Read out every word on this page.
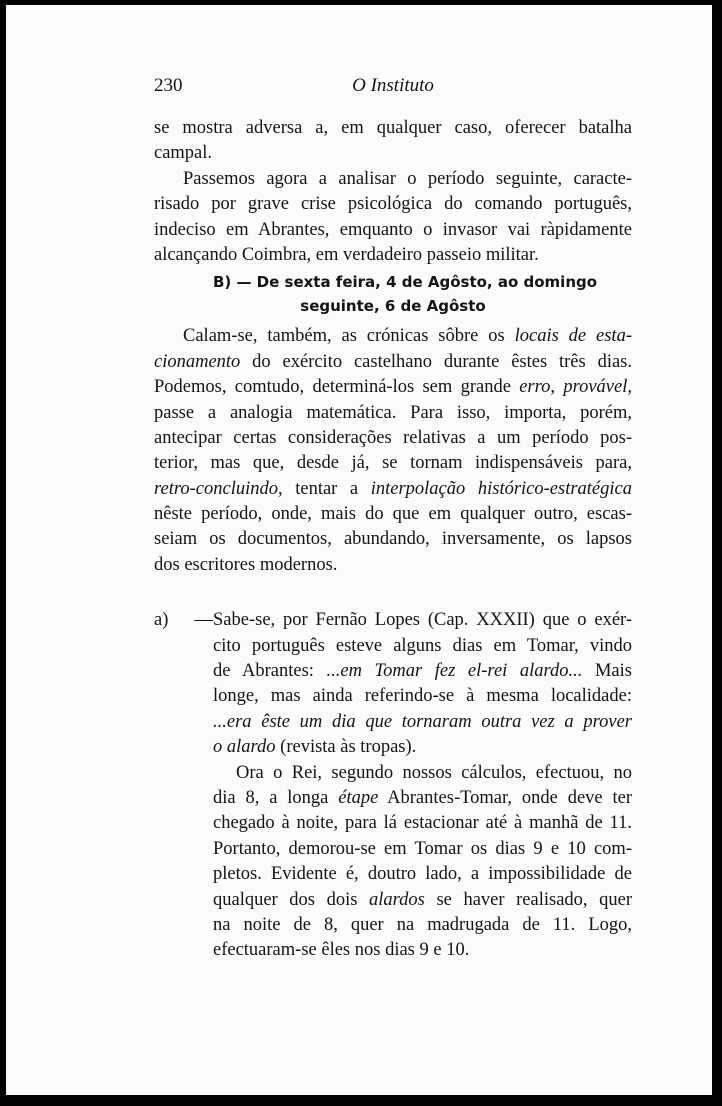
230	O Instituto
se mostra adversa a, em qualquer caso, oferecer batalha
campal.
Passemos agora a analisar o período seguinte, caracte-
risado por grave crise psicológica do comando português,
indeciso em Abrantes, emquanto o invasor vai ràpidamente
alcançando Coimbra, em verdadeiro passeio militar.
B) — De sexta feira, 4 de Agôsto, ao domingo
seguinte, 6 de Agôsto
Calam-se, também, as crónicas sôbre os locais de esta-
cionamento do exército castelhano durante êstes três dias.
Podemos, comtudo, determiná-los sem grande erro, provável,
passe a analogia matemática. Para isso, importa, porém,
antecipar certas considerações relativas a um período pos-
terior, mas que, desde já, se tornam indispensáveis para,
retro-concluindo, tentar a interpolação histórico-estratégica
nêste período, onde, mais do que em qualquer outro, escas-
seiam os documentos, abundando, inversamente, os lapsos
dos escritores modernos.
a) —Sabe-se, por Fernão Lopes (Cap. XXXII) que o exér-
cito português esteve alguns dias em Tomar, vindo
de Abrantes: ...em Tomar fez el-rei alardo... Mais
longe, mas ainda referindo-se à mesma localidade:
...era êste um dia que tornaram outra vez a prover
o alardo (revista às tropas).
Ora o Rei, segundo nossos cálculos, efectuou, no
dia 8, a longa étape Abrantes-Tomar, onde deve ter
chegado à noite, para lá estacionar até à manhã de 11.
Portanto, demorou-se em Tomar os dias 9 e 10 com-
pletos. Evidente é, doutro lado, a impossibilidade de
qualquer dos dois alardos se haver realisado, quer
na noite de 8, quer na madrugada de 11. Logo,
efectuaram-se êles nos dias 9 e 10.
